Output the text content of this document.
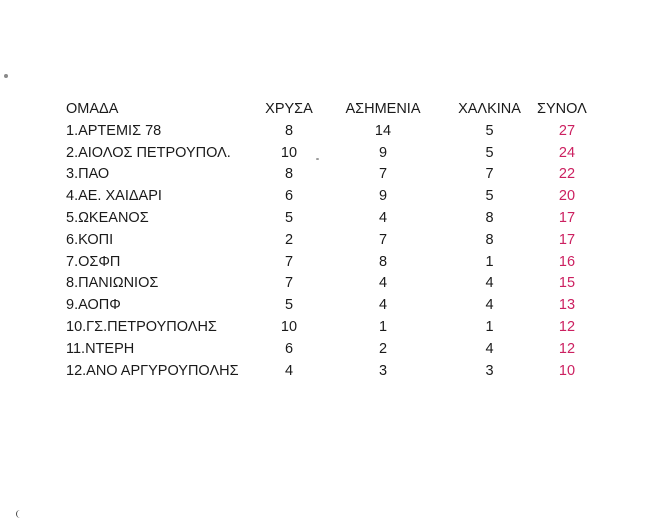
ΟΜΑΔΑ	ΧΡΥΣΑ	ΑΣΗΜΕΝΙΑ	ΧΑΛΚΙΝΑ	ΣΥΝΟΛ
1.ΑΡΤΕΜΙΣ 78	8	14	5	27
2.ΑΙΟΛΟΣ ΠΕΤΡΟΥΠΟΛ.	10	9	5	24
3.ΠΑΟ	8	7	7	22
4.ΑΕ. ΧΑΙΔΑΡΙ	6	9	5	20
5.ΩΚΕΑΝΟΣ	5	4	8	17
6.ΚΟΠΙ	2	7	8	17
7.ΟΣΦΠ	7	8	1	16
8.ΠΑΝΙΩΝΙΟΣ	7	4	4	15
9.ΑΟΠΦ	5	4	4	13
10.ΓΣ.ΠΕΤΡΟΥΠΟΛΗΣ	10	1	1	12
11.ΝΤΕΡΗ	6	2	4	12
12.ΑΝΟ ΑΡΓΥΡΟΥΠΟΛΗΣ	4	3	3	10
